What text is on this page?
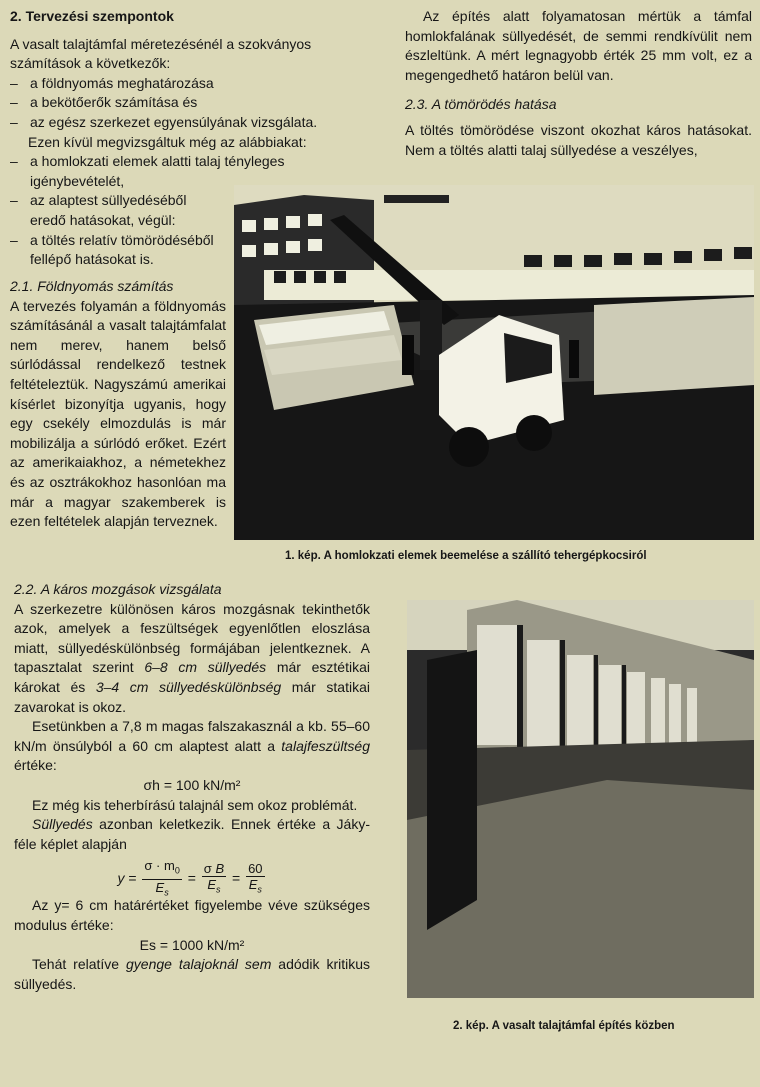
2. Tervezési szempontok

A vasalt talajtámfal méretezésénél a szokványos számítások a következők:

– a földnyomás meghatározása
– a bekötőerők számítása és
– az egész szerkezet egyensúlyának vizsgálata.

Ezen kívül megvizsgáltuk még az alábbiakat:

– a homlokzati elemek alatti talaj tényleges igénybevételét,
– az alaptest süllyedéséből eredő hatásokat, végül:
– a töltés relatív tömörödéséből fellépő hatásokat is.

2.1. Földnyomás számítás

A tervezés folyamán a földnyomás számításánál a vasalt talajtámfalat nem merev, hanem belső súrlódással rendelkező testnek feltételeztük. Nagyszámú amerikai kísérlet bizonyítja ugyanis, hogy egy csekély elmozdulás is már mobilizálja a súrlódó erőket. Ezért az amerikaiakhoz, a németekhez és az osztrákokhoz hasonlóan ma már a magyar szakemberek is ezen feltételek alapján terveznek.

Az építés alatt folyamatosan mértük a támfal homlokfalának süllyedését, de semmi rendkívülit nem észleltünk. A mért legnagyobb érték 25 mm volt, ez a megengedhető határon belül van.

2.3. A tömörödés hatása

A töltés tömörödése viszont okozhat káros hatásokat. Nem a töltés alatti talaj süllyedése a veszélyes,

1. kép. A homlokzati elemek beemelése a szállító tehergépkocsiról

2.2. A káros mozgások vizsgálata

A szerkezetre különösen káros mozgásnak tekinthetők azok, amelyek a feszültségek egyenlőtlen eloszlása miatt, süllyedéskülönbség formájában jelentkeznek. A tapasztalat szerint 6–8 cm süllyedés már esztétikai károkat és 3–4 cm süllyedéskülönbség már statikai zavarokat is okoz.

Esetünkben a 7,8 m magas falszakasznál a kb. 55–60 kN/m önsúlyból a 60 cm alaptest alatt a talajfeszültség értéke:

σh = 100 kN/m²

Ez még kis teherbírású talajnál sem okoz problémát.

Süllyedés azonban keletkezik. Ennek értéke a Jáky-féle képlet alapján

$y = \frac{\sigma \cdot m_0}{E_s} = \frac{\text{σ B}}{E_s} = \frac{60}{E_s}$

Az y= 6 cm határértéket figyelembe véve szükséges modulus értéke:

Es = 1000 kN/m²

Tehát relatíve gyenge talajoknál sem adódik kritikus süllyedés.

2. kép. A vasalt talajtámfal építés közben
